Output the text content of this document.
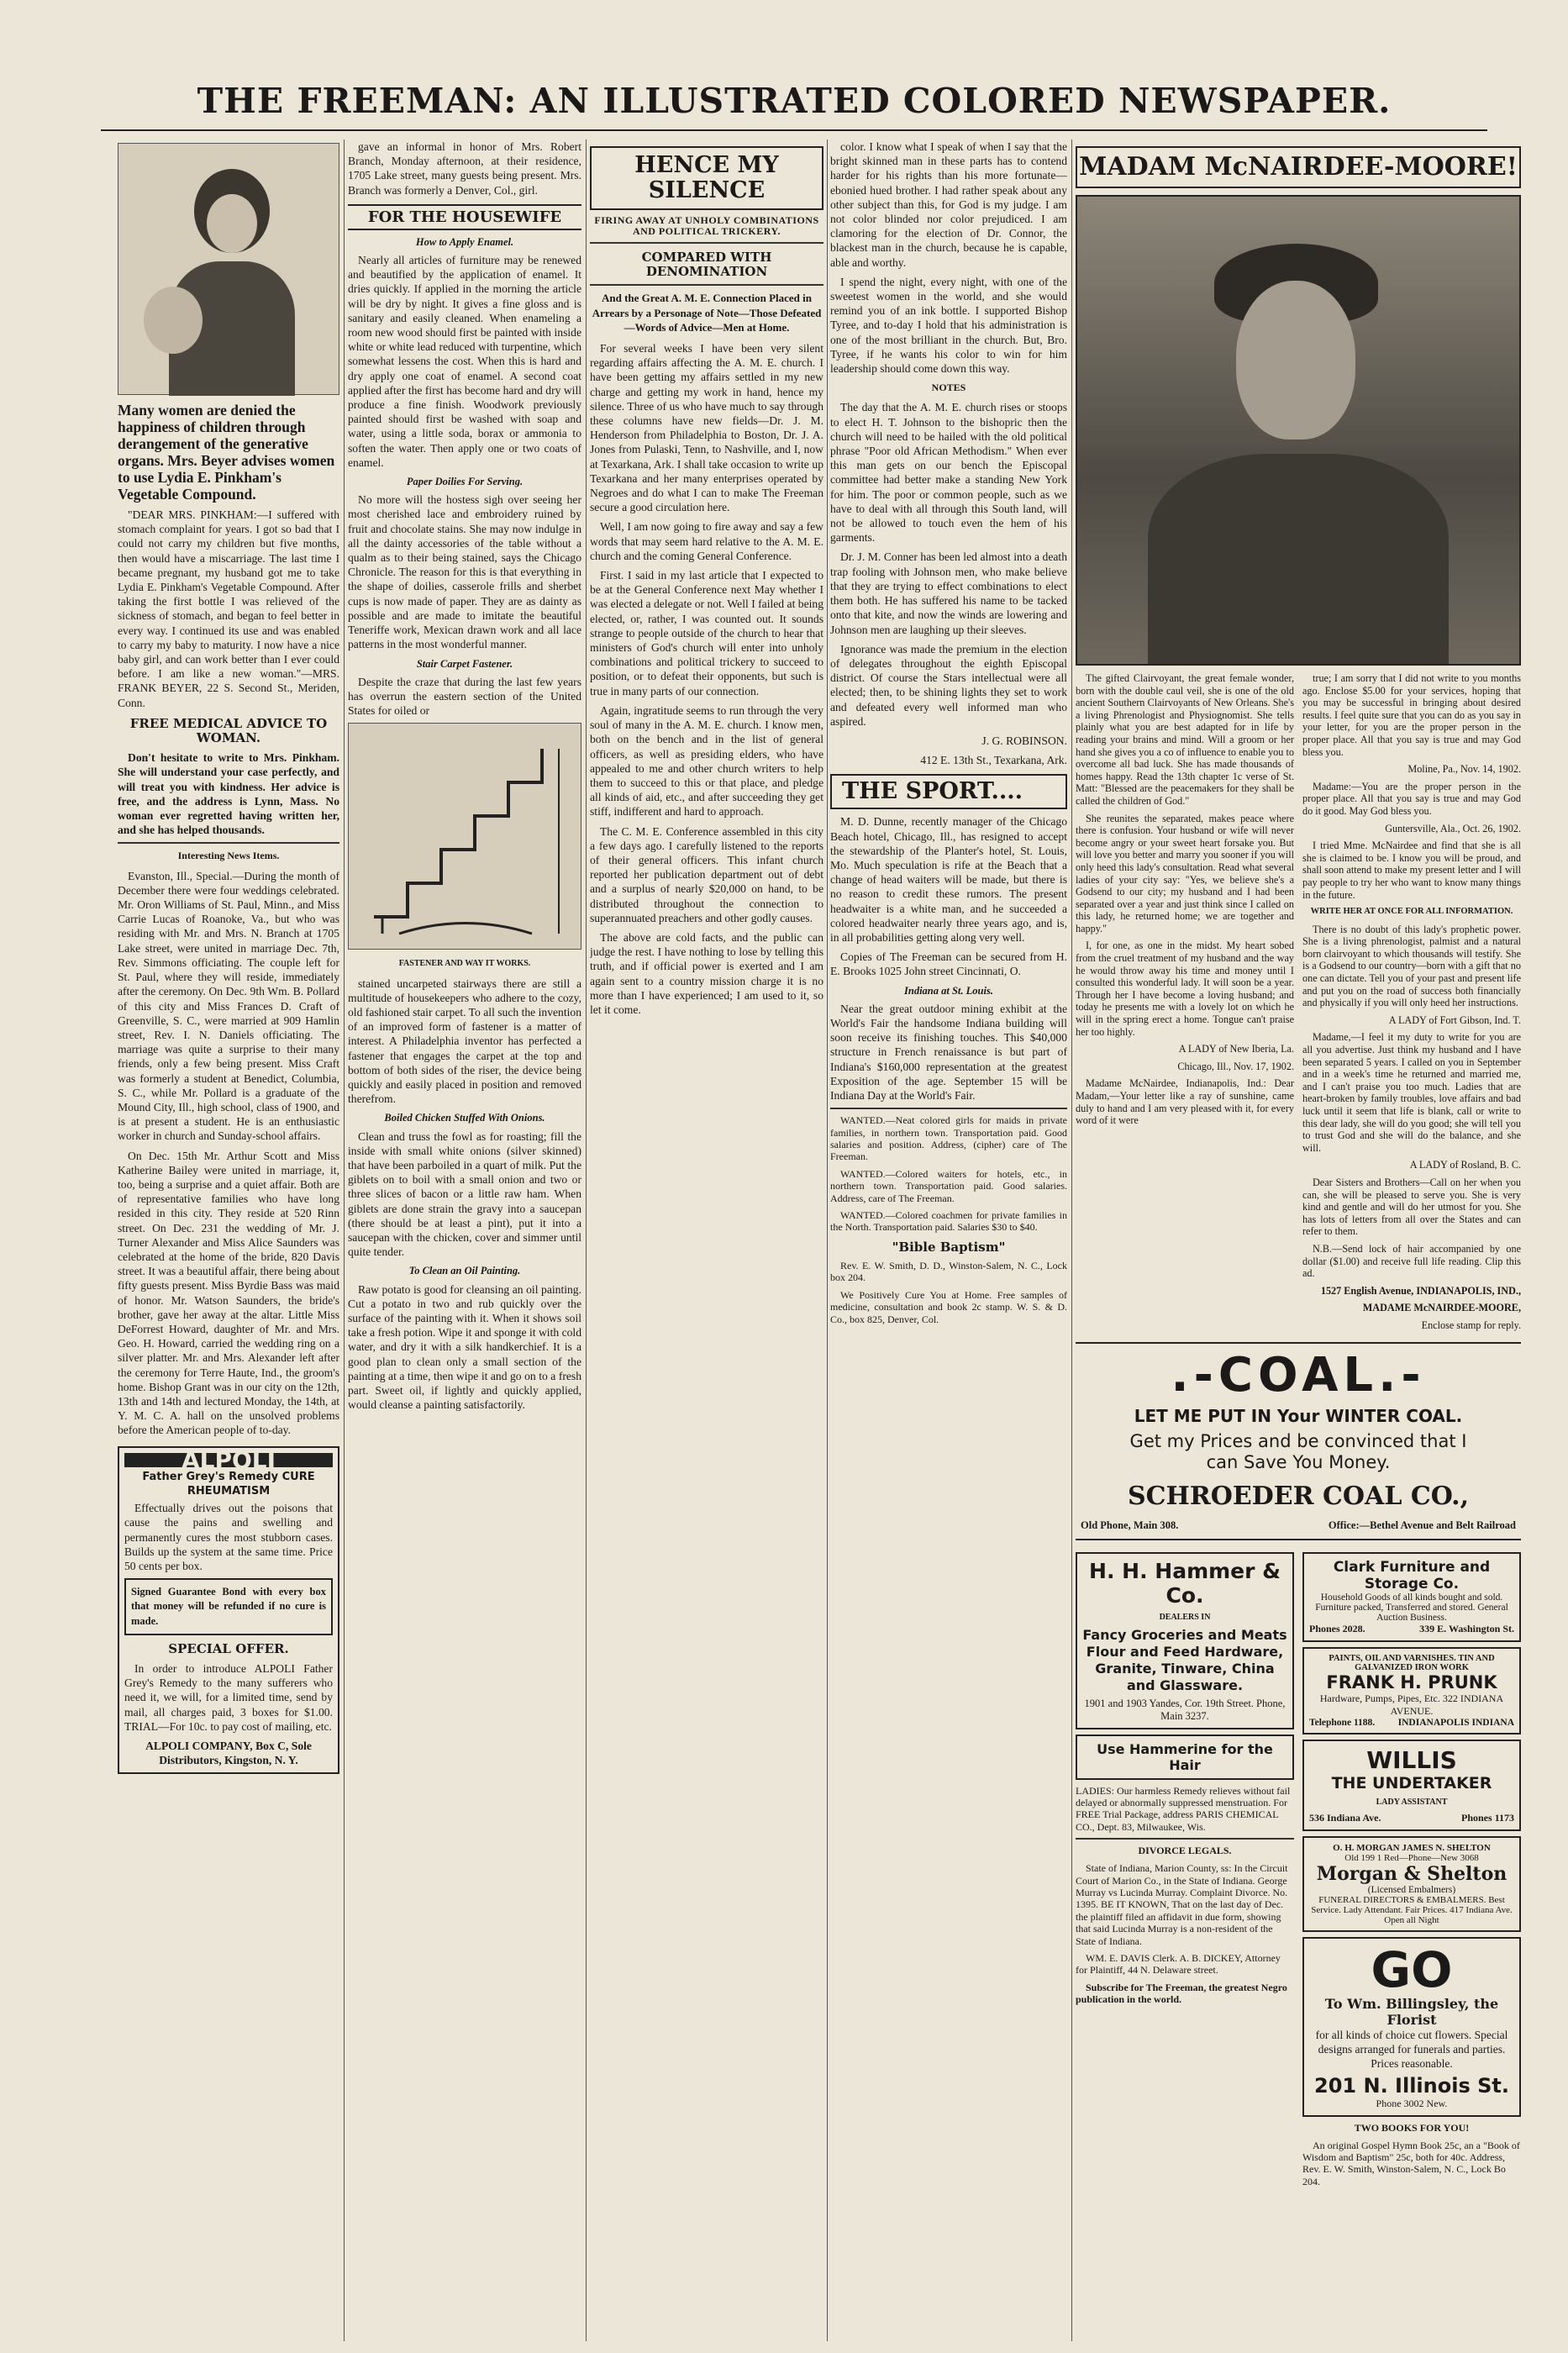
THE FREEMAN: AN ILLUSTRATED COLORED NEWSPAPER.

Many women are denied the happiness of children through derangement of the generative organs. Mrs. Beyer advises women to use Lydia E. Pinkham's Vegetable Compound.

"DEAR MRS. PINKHAM:—I suffered with stomach complaint for years. I got so bad that I could not carry my children but five months, then would have a miscarriage. The last time I became pregnant, my husband got me to take Lydia E. Pinkham's Vegetable Compound. After taking the first bottle I was relieved of the sickness of stomach, and began to feel better in every way. I continued its use and was enabled to carry my baby to maturity. I now have a nice baby girl, and can work better than I ever could before. I am like a new woman."—MRS. FRANK BEYER, 22 S. Second St., Meriden, Conn.

FREE MEDICAL ADVICE TO WOMAN.

Don't hesitate to write to Mrs. Pinkham. She will understand your case perfectly, and will treat you with kindness. Her advice is free, and the address is Lynn, Mass. No woman ever regretted having written her, and she has helped thousands.

Interesting News Items.

Evanston, Ill., Special.—During the month of December there were four weddings celebrated. Mr. Oron Williams of St. Paul, Minn., and Miss Carrie Lucas of Roanoke, Va., but who was residing with Mr. and Mrs. N. Branch at 1705 Lake street, were united in marriage Dec. 7th, Rev. Simmons officiating. The couple left for St. Paul, where they will reside, immediately after the ceremony. On Dec. 9th Wm. B. Pollard of this city and Miss Frances D. Craft of Greenville, S. C., were married at 909 Hamlin street, Rev. I. N. Daniels officiating. The marriage was quite a surprise to their many friends, only a few being present. Miss Craft was formerly a student at Benedict, Columbia, S. C., while Mr. Pollard is a graduate of the Mound City, Ill., high school, class of 1900, and is at present a student. He is an enthusiastic worker in church and Sunday-school affairs.

On Dec. 15th Mr. Arthur Scott and Miss Katherine Bailey were united in marriage, it, too, being a surprise and a quiet affair. Both are of representative families who have long resided in this city. They reside at 520 Rinn street. On Dec. 231 the wedding of Mr. J. Turner Alexander and Miss Alice Saunders was celebrated at the home of the bride, 820 Davis street. It was a beautiful affair, there being about fifty guests present. Miss Byrdie Bass was maid of honor. Mr. Watson Saunders, the bride's brother, gave her away at the altar. Little Miss DeForrest Howard, daughter of Mr. and Mrs. Geo. H. Howard, carried the wedding ring on a silver platter. Mr. and Mrs. Alexander left after the ceremony for Terre Haute, Ind., the groom's home. Bishop Grant was in our city on the 12th, 13th and 14th and lectured Monday, the 14th, at Y. M. C. A. hall on the unsolved problems before the American people of to-day.

ALPOLI
Father Grey's Remedy CURE RHEUMATISM

Effectually drives out the poisons that cause the pains and swelling and permanently cures the most stubborn cases. Builds up the system at the same time. Price 50 cents per box.

Signed Guarantee Bond with every box that money will be refunded if no cure is made.
SPECIAL OFFER.

In order to introduce ALPOLI Father Grey's Remedy to the many sufferers who need it, we will, for a limited time, send by mail, all charges paid, 3 boxes for $1.00. TRIAL—For 10c. to pay cost of mailing, etc.

ALPOLI COMPANY, Box C, Sole Distributors, Kingston, N. Y.

gave an informal in honor of Mrs. Robert Branch, Monday afternoon, at their residence, 1705 Lake street, many guests being present. Mrs. Branch was formerly a Denver, Col., girl.

FOR THE HOUSEWIFE
How to Apply Enamel.

Nearly all articles of furniture may be renewed and beautified by the application of enamel. It dries quickly. If applied in the morning the article will be dry by night. It gives a fine gloss and is sanitary and easily cleaned. When enameling a room new wood should first be painted with inside white or white lead reduced with turpentine, which somewhat lessens the cost. When this is hard and dry apply one coat of enamel. A second coat applied after the first has become hard and dry will produce a fine finish. Woodwork previously painted should first be washed with soap and water, using a little soda, borax or ammonia to soften the water. Then apply one or two coats of enamel.

Paper Doilies For Serving.

No more will the hostess sigh over seeing her most cherished lace and embroidery ruined by fruit and chocolate stains. She may now indulge in all the dainty accessories of the table without a qualm as to their being stained, says the Chicago Chronicle. The reason for this is that everything in the shape of doilies, casserole frills and sherbet cups is now made of paper. They are as dainty as possible and are made to imitate the beautiful Teneriffe work, Mexican drawn work and all lace patterns in the most wonderful manner.

Stair Carpet Fastener.

Despite the craze that during the last few years has overrun the eastern section of the United States for oiled or

FASTENER AND WAY IT WORKS.

stained uncarpeted stairways there are still a multitude of housekeepers who adhere to the cozy, old fashioned stair carpet. To all such the invention of an improved form of fastener is a matter of interest. A Philadelphia inventor has perfected a fastener that engages the carpet at the top and bottom of both sides of the riser, the device being quickly and easily placed in position and removed therefrom.

Boiled Chicken Stuffed With Onions.

Clean and truss the fowl as for roasting; fill the inside with small white onions (silver skinned) that have been parboiled in a quart of milk. Put the giblets on to boil with a small onion and two or three slices of bacon or a little raw ham. When giblets are done strain the gravy into a saucepan (there should be at least a pint), put it into a saucepan with the chicken, cover and simmer until quite tender.

To Clean an Oil Painting.

Raw potato is good for cleansing an oil painting. Cut a potato in two and rub quickly over the surface of the painting with it. When it shows soil take a fresh potion. Wipe it and sponge it with cold water, and dry it with a silk handkerchief. It is a good plan to clean only a small section of the painting at a time, then wipe it and go on to a fresh part. Sweet oil, if lightly and quickly applied, would cleanse a painting satisfactorily.

HENCE MY SILENCE
FIRING AWAY AT UNHOLY COMBINATIONS AND POLITICAL TRICKERY.
COMPARED WITH DENOMINATION
And the Great A. M. E. Connection Placed in Arrears by a Personage of Note—Those Defeated—Words of Advice—Men at Home.

For several weeks I have been very silent regarding affairs affecting the A. M. E. church. I have been getting my affairs settled in my new charge and getting my work in hand, hence my silence. Three of us who have much to say through these columns have new fields—Dr. J. M. Henderson from Philadelphia to Boston, Dr. J. A. Jones from Pulaski, Tenn, to Nashville, and I, now at Texarkana, Ark. I shall take occasion to write up Texarkana and her many enterprises operated by Negroes and do what I can to make The Freeman secure a good circulation here.

Well, I am now going to fire away and say a few words that may seem hard relative to the A. M. E. church and the coming General Conference.

First. I said in my last article that I expected to be at the General Conference next May whether I was elected a delegate or not. Well I failed at being elected, or, rather, I was counted out. It sounds strange to people outside of the church to hear that ministers of God's church will enter into unholy combinations and political trickery to succeed to position, or to defeat their opponents, but such is true in many parts of our connection.

Again, ingratitude seems to run through the very soul of many in the A. M. E. church. I know men, both on the bench and in the list of general officers, as well as presiding elders, who have appealed to me and other church writers to help them to succeed to this or that place, and pledge all kinds of aid, etc., and after succeeding they get stiff, indifferent and hard to approach.

The C. M. E. Conference assembled in this city a few days ago. I carefully listened to the reports of their general officers. This infant church reported her publication department out of debt and a surplus of nearly $20,000 on hand, to be distributed throughout the connection to superannuated preachers and other godly causes.

The above are cold facts, and the public can judge the rest. I have nothing to lose by telling this truth, and if official power is exerted and I am again sent to a country mission charge it is no more than I have experienced; I am used to it, so let it come.

color. I know what I speak of when I say that the bright skinned man in these parts has to contend harder for his rights than his more fortunate—ebonied hued brother. I had rather speak about any other subject than this, for God is my judge. I am not color blinded nor color prejudiced. I am clamoring for the election of Dr. Connor, the blackest man in the church, because he is capable, able and worthy.

I spend the night, every night, with one of the sweetest women in the world, and she would remind you of an ink bottle. I supported Bishop Tyree, and to-day I hold that his administration is one of the most brilliant in the church. But, Bro. Tyree, if he wants his color to win for him leadership should come down this way.

NOTES

The day that the A. M. E. church rises or stoops to elect H. T. Johnson to the bishopric then the church will need to be hailed with the old political phrase "Poor old African Methodism." When ever this man gets on our bench the Episcopal committee had better make a standing New York for him. The poor or common people, such as we have to deal with all through this South land, will not be allowed to touch even the hem of his garments.

Dr. J. M. Conner has been led almost into a death trap fooling with Johnson men, who make believe that they are trying to effect combinations to elect them both. He has suffered his name to be tacked onto that kite, and now the winds are lowering and Johnson men are laughing up their sleeves.

Ignorance was made the premium in the election of delegates throughout the eighth Episcopal district. Of course the Stars intellectual were all elected; then, to be shining lights they set to work and defeated every well informed man who aspired.

J. G. ROBINSON.

412 E. 13th St., Texarkana, Ark.

THE SPORT....

M. D. Dunne, recently manager of the Chicago Beach hotel, Chicago, Ill., has resigned to accept the stewardship of the Planter's hotel, St. Louis, Mo. Much speculation is rife at the Beach that a change of head waiters will be made, but there is no reason to credit these rumors. The present headwaiter is a white man, and he succeeded a colored headwaiter nearly three years ago, and is, in all probabilities getting along very well.

Copies of The Freeman can be secured from H. E. Brooks 1025 John street Cincinnati, O.

Indiana at St. Louis.

Near the great outdoor mining exhibit at the World's Fair the handsome Indiana building will soon receive its finishing touches. This $40,000 structure in French renaissance is but part of Indiana's $160,000 representation at the greatest Exposition of the age. September 15 will be Indiana Day at the World's Fair.

WANTED.—Neat colored girls for maids in private families, in northern town. Transportation paid. Good salaries and position. Address, (cipher) care of The Freeman.

WANTED.—Colored waiters for hotels, etc., in northern town. Transportation paid. Good salaries. Address, care of The Freeman.

WANTED.—Colored coachmen for private families in the North. Transportation paid. Salaries $30 to $40.

"Bible Baptism"

Rev. E. W. Smith, D. D., Winston-Salem, N. C., Lock box 204.

We Positively Cure You at Home. Free samples of medicine, consultation and book 2c stamp. W. S. & D. Co., box 825, Denver, Col.

MADAM McNAIRDEE-MOORE!

The gifted Clairvoyant, the great female wonder, born with the double caul veil, she is one of the old ancient Southern Clairvoyants of New Orleans. She's a living Phrenologist and Physiognomist. She tells plainly what you are best adapted for in life by reading your brains and mind. Will a groom or her hand she gives you a co of influence to enable you to overcome all bad luck. She has made thousands of homes happy. Read the 13th chapter 1c verse of St. Matt: "Blessed are the peacemakers for they shall be called the children of God."

She reunites the separated, makes peace where there is confusion. Your husband or wife will never become angry or your sweet heart forsake you. But will love you better and marry you sooner if you will only heed this lady's consultation. Read what several ladies of your city say: "Yes, we believe she's a Godsend to our city; my husband and I had been separated over a year and just think since I called on this lady, he returned home; we are together and happy."

I, for one, as one in the midst. My heart sobed from the cruel treatment of my husband and the way he would throw away his time and money until I consulted this wonderful lady. It will soon be a year. Through her I have become a loving husband; and today he presents me with a lovely lot on which he will in the spring erect a home. Tongue can't praise her too highly.

A LADY of New Iberia, La.

Chicago, Ill., Nov. 17, 1902.

Madame McNairdee, Indianapolis, Ind.: Dear Madam,—Your letter like a ray of sunshine, came duly to hand and I am very pleased with it, for every word of it were

true; I am sorry that I did not write to you months ago. Enclose $5.00 for your services, hoping that you may be successful in bringing about desired results. I feel quite sure that you can do as you say in your letter, for you are the proper person in the proper place. All that you say is true and may God bless you.

Moline, Pa., Nov. 14, 1902.

Madame:—You are the proper person in the proper place. All that you say is true and may God do it good. May God bless you.

Guntersville, Ala., Oct. 26, 1902.

I tried Mme. McNairdee and find that she is all she is claimed to be. I know you will be proud, and shall soon attend to make my present letter and I will pay people to try her who want to know many things in the future.

WRITE HER AT ONCE FOR ALL INFORMATION.

There is no doubt of this lady's prophetic power. She is a living phrenologist, palmist and a natural born clairvoyant to which thousands will testify. She is a Godsend to our country—born with a gift that no one can dictate. Tell you of your past and present life and put you on the road of success both financially and physically if you will only heed her instructions.

A LADY of Fort Gibson, Ind. T.

Madame,—I feel it my duty to write for you are all you advertise. Just think my husband and I have been separated 5 years. I called on you in September and in a week's time he returned and married me, and I can't praise you too much. Ladies that are heart-broken by family troubles, love affairs and bad luck until it seem that life is blank, call or write to this dear lady, she will do you good; she will tell you to trust God and she will do the balance, and she will.

A LADY of Rosland, B. C.

Dear Sisters and Brothers—Call on her when you can, she will be pleased to serve you. She is very kind and gentle and will do her utmost for you. She has lots of letters from all over the States and can refer to them.

N.B.—Send lock of hair accompanied by one dollar ($1.00) and receive full life reading. Clip this ad.

1527 English Avenue, INDIANAPOLIS, IND.,

MADAME McNAIRDEE-MOORE,

Enclose stamp for reply.

.-COAL.-
LET ME PUT IN Your WINTER COAL.
Get my Prices and be convinced that I can Save You Money.
SCHROEDER COAL CO.,
Old Phone, Main 308.	Office:—Bethel Avenue and Belt Railroad
H. H. Hammer & Co.
DEALERS IN
Fancy Groceries and Meats Flour and Feed Hardware, Granite, Tinware, China and Glassware.
1901 and 1903 Yandes, Cor. 19th Street. Phone, Main 3237.
Use Hammerine for the Hair

LADIES: Our harmless Remedy relieves without fail delayed or abnormally suppressed menstruation. For FREE Trial Package, address PARIS CHEMICAL CO., Dept. 83, Milwaukee, Wis.

DIVORCE LEGALS.

State of Indiana, Marion County, ss: In the Circuit Court of Marion Co., in the State of Indiana. George Murray vs Lucinda Murray. Complaint Divorce. No. 1395. BE IT KNOWN, That on the last day of Dec. the plaintiff filed an affidavit in due form, showing that said Lucinda Murray is a non-resident of the State of Indiana.

WM. E. DAVIS Clerk. A. B. DICKEY, Attorney for Plaintiff, 44 N. Delaware street.

Subscribe for The Freeman, the greatest Negro publication in the world.

Clark Furniture and Storage Co.
Household Goods of all kinds bought and sold. Furniture packed, Transferred and stored. General Auction Business.
Phones 2028.	339 E. Washington St.
PAINTS, OIL AND VARNISHES. TIN AND GALVANIZED IRON WORK
FRANK H. PRUNK
Hardware, Pumps, Pipes, Etc. 322 INDIANA AVENUE.
Telephone 1188. INDIANAPOLIS INDIANA
WILLIS
THE UNDERTAKER
LADY ASSISTANT
536 Indiana Ave.	Phones 1173
O. H. MORGAN JAMES N. SHELTON
Old 199 1 Red—Phone—New 3068
Morgan & Shelton
(Licensed Embalmers)
FUNERAL DIRECTORS & EMBALMERS. Best Service. Lady Attendant. Fair Prices. 417 Indiana Ave. Open all Night
GO
To Wm. Billingsley, the Florist
for all kinds of choice cut flowers. Special designs arranged for funerals and parties. Prices reasonable.
201 N. Illinois St.
Phone 3002 New.
TWO BOOKS FOR YOU!

An original Gospel Hymn Book 25c, an a "Book of Wisdom and Baptism" 25c, both for 40c. Address, Rev. E. W. Smith, Winston-Salem, N. C., Lock Bo 204.
